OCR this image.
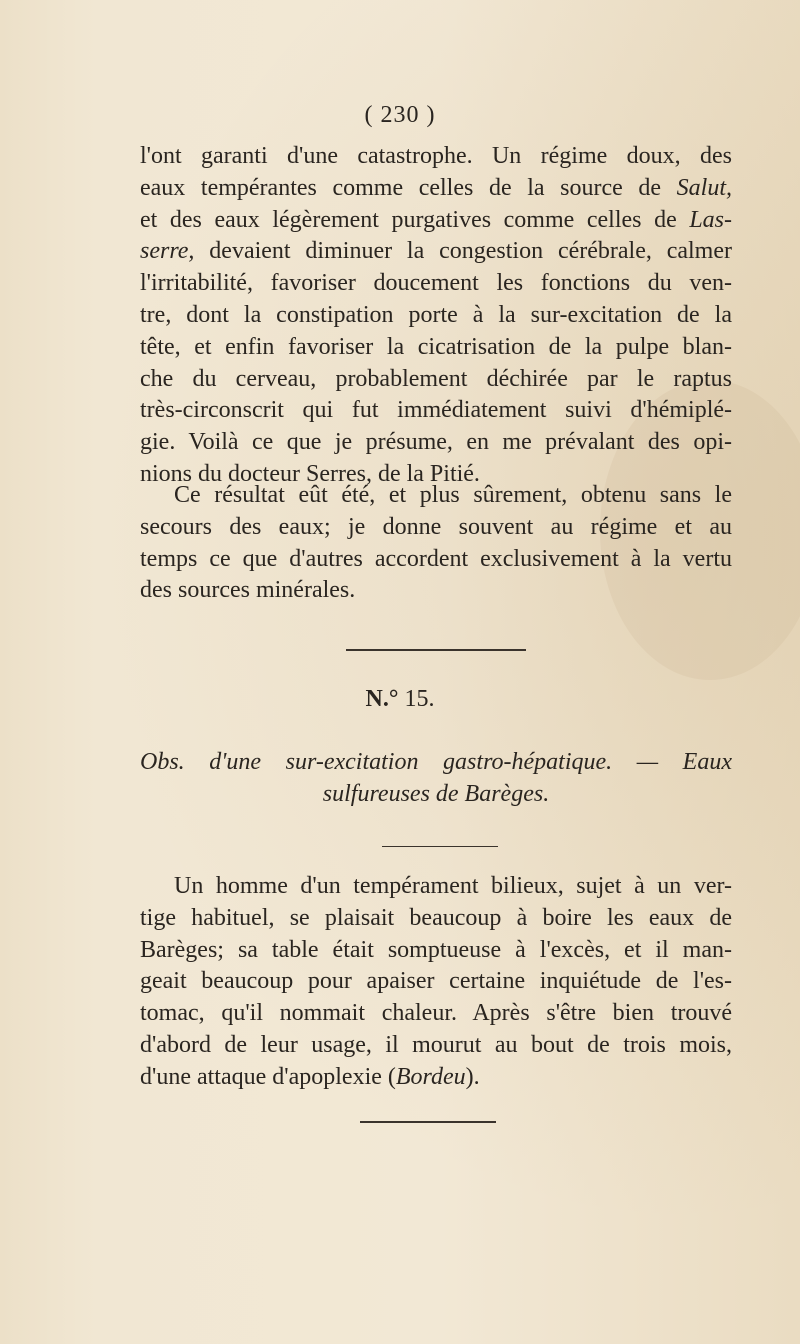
( 230 )

l'ont garanti d'une catastrophe. Un régime doux, des
eaux tempérantes comme celles de la source de Salut,
et des eaux légèrement purgatives comme celles de Las-
serre, devaient diminuer la congestion cérébrale, calmer
l'irritabilité, favoriser doucement les fonctions du ven-
tre, dont la constipation porte à la sur-excitation de la
tête, et enfin favoriser la cicatrisation de la pulpe blan-
che du cerveau, probablement déchirée par le raptus
très-circonscrit qui fut immédiatement suivi d'hémiplé-
gie. Voilà ce que je présume, en me prévalant des opi-
nions du docteur Serres, de la Pitié.

Ce résultat eût été, et plus sûrement, obtenu sans le
secours des eaux; je donne souvent au régime et au
temps ce que d'autres accordent exclusivement à la vertu
des sources minérales.

N.° 15.
Obs. d'une sur-excitation gastro-hépatique. — Eaux
sulfureuses de Barèges.

Un homme d'un tempérament bilieux, sujet à un ver-
tige habituel, se plaisait beaucoup à boire les eaux de
Barèges; sa table était somptueuse à l'excès, et il man-
geait beaucoup pour apaiser certaine inquiétude de l'es-
tomac, qu'il nommait chaleur. Après s'être bien trouvé
d'abord de leur usage, il mourut au bout de trois mois,
d'une attaque d'apoplexie (Bordeu).
